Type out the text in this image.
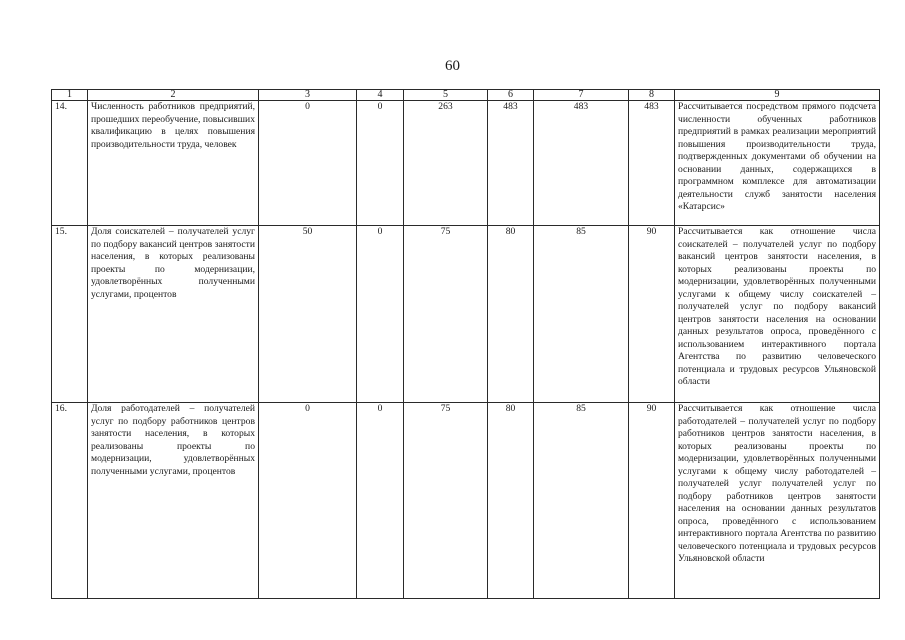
60
1	2	3	4	5	6	7	8	9
14.	Численность работников предприятий, прошедших переобучение, повысивших квалификацию в целях повышения производительности труда, человек	0	0	263	483	483	483	Рассчитывается посредством прямого подсчета численности обученных работников предприятий в рамках реализации мероприятий повышения производительности труда, подтвержденных документами об обучении на основании данных, содержащихся в программном комплексе для автоматизации деятельности служб занятости населения «Катарсис»
15.	Доля соискателей – получателей услуг по подбору вакансий центров занятости населения, в которых реализованы проекты по модернизации, удовлетворённых полученными услугами, процентов	50	0	75	80	85	90	Рассчитывается как отношение числа соискателей – получателей услуг по подбору вакансий центров занятости населения, в которых реализованы проекты по модернизации, удовлетворённых полученными услугами к общему числу соискателей – получателей услуг по подбору вакансий центров занятости населения на основании данных результатов опроса, проведённого с использованием интерактивного портала Агентства по развитию человеческого потенциала и трудовых ресурсов Ульяновской области
16.	Доля работодателей – получателей услуг по подбору работников центров занятости населения, в которых реализованы проекты по модернизации, удовлетворённых полученными услугами, процентов	0	0	75	80	85	90	Рассчитывается как отношение числа работодателей – получателей услуг по подбору работников центров занятости населения, в которых реализованы проекты по модернизации, удовлетворённых полученными услугами к общему числу работодателей – получателей услуг получателей услуг по подбору работников центров занятости населения на основании данных результатов опроса, проведённого с использованием интерактивного портала Агентства по развитию человеческого потенциала и трудовых ресурсов Ульяновской области
